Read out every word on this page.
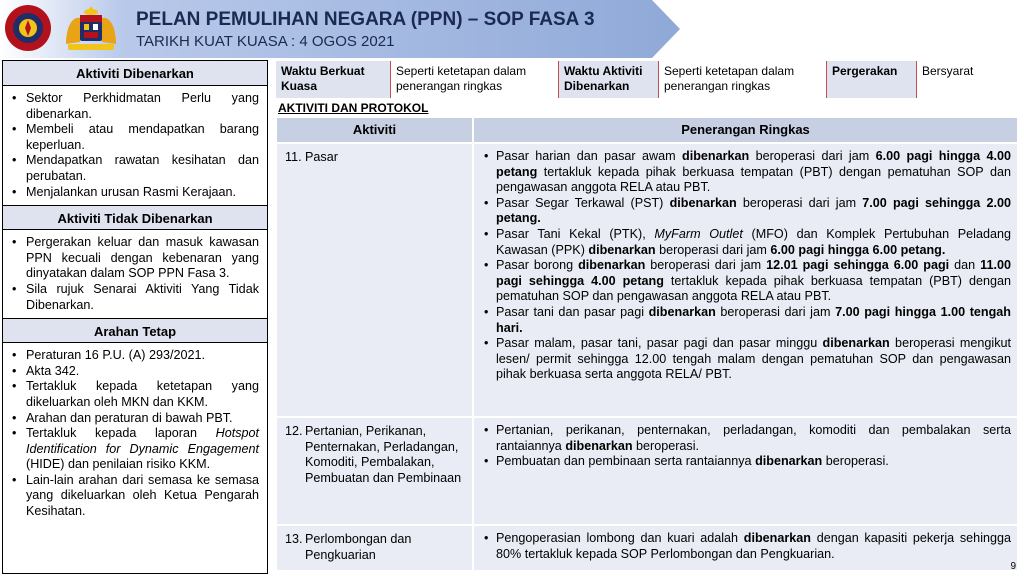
PELAN PEMULIHAN NEGARA (PPN) – SOP FASA 3
TARIKH KUAT KUASA : 4 OGOS 2021
Aktiviti Dibenarkan
• Sektor Perkhidmatan Perlu yang dibenarkan.
• Membeli atau mendapatkan barang keperluan.
• Mendapatkan rawatan kesihatan dan perubatan.
• Menjalankan urusan Rasmi Kerajaan.
Aktiviti Tidak Dibenarkan
• Pergerakan keluar dan masuk kawasan PPN kecuali dengan kebenaran yang dinyatakan dalam SOP PPN Fasa 3.
• Sila rujuk Senarai Aktiviti Yang Tidak Dibenarkan.
Arahan Tetap
• Peraturan 16 P.U. (A) 293/2021.
• Akta 342.
• Tertakluk kepada ketetapan yang dikeluarkan oleh MKN dan KKM.
• Arahan dan peraturan di bawah PBT.
• Tertakluk kepada laporan Hotspot Identification for Dynamic Engagement (HIDE) dan penilaian risiko KKM.
• Lain-lain arahan dari semasa ke semasa yang dikeluarkan oleh Ketua Pengarah Kesihatan.
Waktu Berkuat Kuasa
Seperti ketetapan dalam penerangan ringkas
Waktu Aktiviti Dibenarkan
Seperti ketetapan dalam penerangan ringkas
Pergerakan	Bersyarat
AKTIVITI DAN PROTOKOL
Aktiviti	Penerangan Ringkas
11. Pasar
•	Pasar harian dan pasar awam dibenarkan beroperasi dari jam 6.00 pagi hingga 4.00 petang tertakluk kepada pihak berkuasa tempatan (PBT) dengan pematuhan SOP dan pengawasan anggota RELA atau PBT.
• Pasar Segar Terkawal (PST) dibenarkan beroperasi dari jam 7.00 pagi sehingga 2.00 petang.
• Pasar Tani Kekal (PTK), MyFarm Outlet (MFO) dan Komplek Pertubuhan Peladang Kawasan (PPK) dibenarkan beroperasi dari jam 6.00 pagi hingga 6.00 petang.
• Pasar borong dibenarkan beroperasi dari jam 12.01 pagi sehingga 6.00 pagi dan 11.00 pagi sehingga 4.00 petang tertakluk kepada pihak berkuasa tempatan (PBT) dengan pematuhan SOP dan pengawasan anggota RELA atau PBT.
• Pasar tani dan pasar pagi dibenarkan beroperasi dari jam 7.00 pagi hingga 1.00 tengah hari.
• Pasar malam, pasar tani, pasar pagi dan pasar minggu dibenarkan beroperasi mengikut lesen/ permit sehingga 12.00 tengah malam dengan pematuhan SOP dan pengawasan pihak berkuasa serta anggota RELA/ PBT.
12. Pertanian, Perikanan, Penternakan, Perladangan, Komoditi, Pembalakan, Pembuatan dan Pembinaan
• Pertanian, perikanan, penternakan, perladangan, komoditi dan pembalakan serta rantaiannya dibenarkan beroperasi.
• Pembuatan dan pembinaan serta rantaiannya dibenarkan beroperasi.
13. Perlombongan dan Pengkuarian
• Pengoperasian lombong dan kuari adalah dibenarkan dengan kapasiti pekerja sehingga 80% tertakluk kepada SOP Perlombongan dan Pengkuarian.
9
